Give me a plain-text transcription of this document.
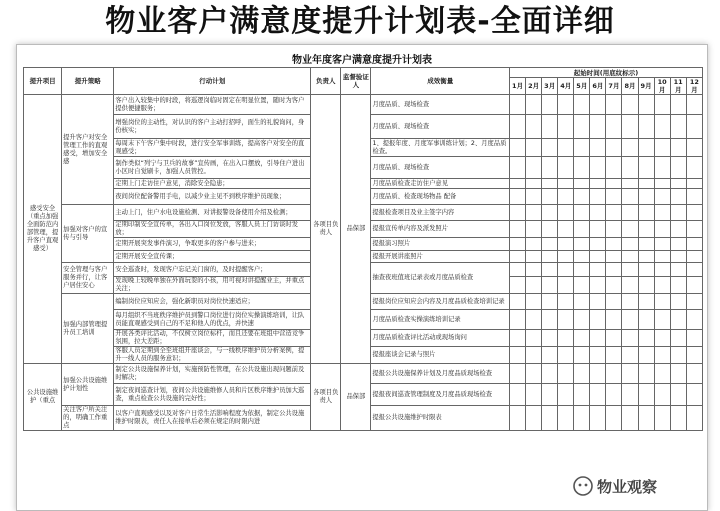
物业客户满意度提升计划表-全面详细
物业年度客户满意度提升计划表
提升项目	提升策略	行动计划	负责人	监督验证人	成效衡量	起始时间(用底纹标示)											
						1月	2月	3月	4月	5月	6月	7月	8月	9月	10月	11月	12月
感受安全（重点加强全面防范内部管理，提升客户直观感受）	提升客户对安全管理工作的直观感受，增加安全感	客户出入较集中的时段，将巡逻岗临时固定在明显位置，随时为客户提供便捷服务；	各项目负责人	品保部	月度品质、现场检查												
		增强岗位的主动性，对认识的客户主动打招呼，面生的礼貌询问，身份核实；			月度品质、现场检查												
		每周末下午客户集中时段，进行安全军事训练，提高客户对安全的直观感受；			1、提报年度、月度军事训练计划；2、月度品质检查。												
		制作类似“列宁与卫兵的故事”宣传画，在出入口摆放，引导住户进出小区时自觉刷卡，加强人员管控。			月度品质、现场检查												
		定期上门走访住户意见，消除安全隐患；			月度品质检查走访住户意见												
		夜间岗位配备警用手电，以减少业主见不到秩序维护员现象；			月度品质、检查现场物品 配备												
	加强对客户的宣传与引导	主动上门，住户水电设施检测、对讲报警设备使用介绍及检测；			提报检查项目及业主签字内容												
		定期印制安全宣传单，各出入口岗位发放，客服人员上门访谈时发放；			提报宣传单内容及派发照片												
		定期开展突发事件演习，争取更多的客户参与进来；			提报演习照片												
		定期开展安全宣传课；			提报开展讲座照片												
	安全管理与客户服务并行，让客户居住安心	安全巡查时，发现客户忘记关门窗的，及时提醒客户；			抽查夜班值班记录表或月度品质检查												
		发现晚上较晚单独在外面玩耍的小孩，用可视对讲提醒业主，并重点关注；															
	加强内部管理提升员工培训	编制岗位应知应会，强化新职员对岗位快速适应；			提报岗位应知应会内容及月度品质检查培训记录												
		每月组织不当班秩序维护员到警口岗位进行岗位实操演练培训，让队员能直观感受到自己的不足和他人的优点，并快速			月度品质检查实操演练培训记录												
		开展各类评比活动，不仅树立岗位标杆，而且还要在班组中营造竞争氛围，拉大差距；			月度品质检查评比活动或现场询问												
		客服人员定期到全至班组开座谈会，与一线秩序维护员分析案例，提升一线人员的服务意识；			提报座谈会记录与照片												
公共设施维护（重点	加强公共设施维护计划性	制定公共设施保养计划，实施预防性管理，在公共设施出现问题前及时解决；	各项目负责人	品保部	提报公共设施保养计划及月度品质现场检查												
		制定夜间巡查计划，夜间公共设施维修人员和片区秩序维护员加大巡查，重点检查公共设施的完好性；			提报夜间巡查管理制度及月度品质现场检查												
	关注客户所关注的，明确工作重点	以客户直观感受以及对客户日常生活影响程度为依据，制定公共设施维护时限表，责任人在接单后必须在规定的时限内进			提报公共设施维护时限表												
物业观察
